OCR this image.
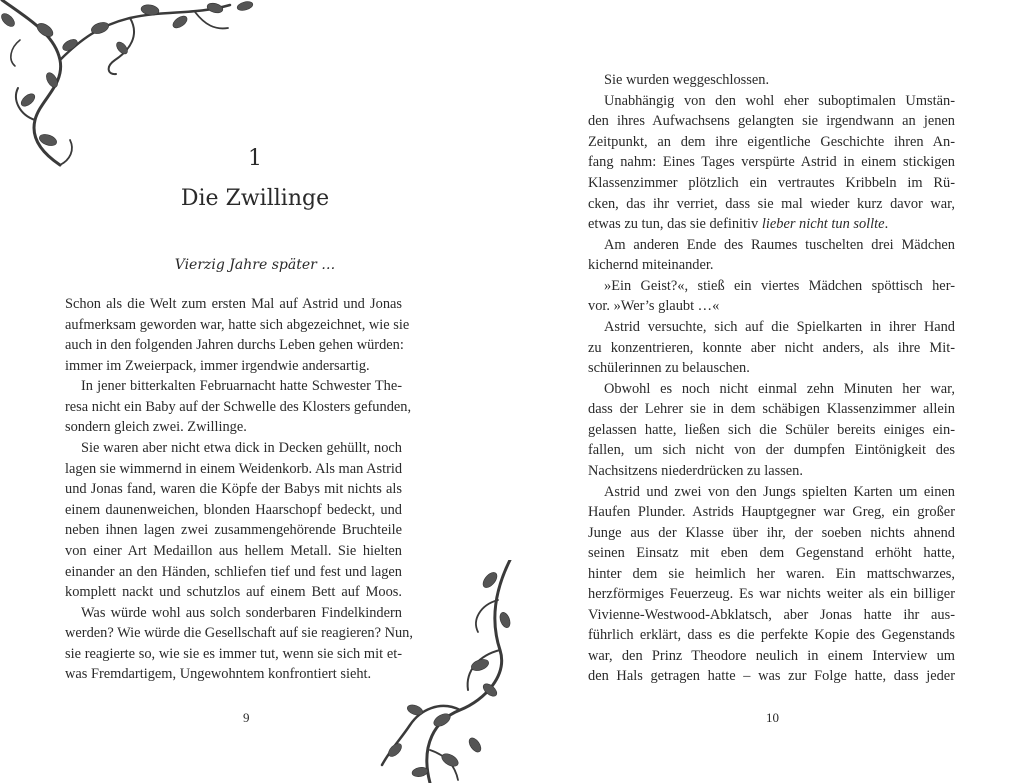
1
Die Zwillinge
Vierzig Jahre später …
Schon als die Welt zum ersten Mal auf Astrid und Jonas
aufmerksam geworden war, hatte sich abgezeichnet, wie sie
auch in den folgenden Jahren durchs Leben gehen würden:
immer im Zweierpack, immer irgendwie andersartig.
In jener bitterkalten Februarnacht hatte Schwester The-
resa nicht ein Baby auf der Schwelle des Klosters gefunden,
sondern gleich zwei. Zwillinge.
Sie waren aber nicht etwa dick in Decken gehüllt, noch
lagen sie wimmernd in einem Weidenkorb. Als man Astrid
und Jonas fand, waren die Köpfe der Babys mit nichts als
einem daunenweichen, blonden Haarschopf bedeckt, und
neben ihnen lagen zwei zusammengehörende Bruchteile
von einer Art Medaillon aus hellem Metall. Sie hielten
einander an den Händen, schliefen tief und fest und lagen
komplett nackt und schutzlos auf einem Bett auf Moos.
Was würde wohl aus solch sonderbaren Findelkindern
werden? Wie würde die Gesellschaft auf sie reagieren? Nun,
sie reagierte so, wie sie es immer tut, wenn sie sich mit et-
was Fremdartigem, Ungewohntem konfrontiert sieht.
9
Sie wurden weggeschlossen.
Unabhängig von den wohl eher suboptimalen Umstän-
den ihres Aufwachsens gelangten sie irgendwann an jenen
Zeitpunkt, an dem ihre eigentliche Geschichte ihren An-
fang nahm: Eines Tages verspürte Astrid in einem stickigen
Klassenzimmer plötzlich ein vertrautes Kribbeln im Rü-
cken, das ihr verriet, dass sie mal wieder kurz davor war,
etwas zu tun, das sie definitiv lieber nicht tun sollte.
Am anderen Ende des Raumes tuschelten drei Mädchen
kichernd miteinander.
»Ein Geist?«, stieß ein viertes Mädchen spöttisch her-
vor. »Wer’s glaubt …«
Astrid versuchte, sich auf die Spielkarten in ihrer Hand
zu konzentrieren, konnte aber nicht anders, als ihre Mit-
schülerinnen zu belauschen.
Obwohl es noch nicht einmal zehn Minuten her war,
dass der Lehrer sie in dem schäbigen Klassenzimmer allein
gelassen hatte, ließen sich die Schüler bereits einiges ein-
fallen, um sich nicht von der dumpfen Eintönigkeit des
Nachsitzens niederdrücken zu lassen.
Astrid und zwei von den Jungs spielten Karten um einen
Haufen Plunder. Astrids Hauptgegner war Greg, ein großer
Junge aus der Klasse über ihr, der soeben nichts ahnend
seinen Einsatz mit eben dem Gegenstand erhöht hatte,
hinter dem sie heimlich her waren. Ein mattschwarzes,
herzförmiges Feuerzeug. Es war nichts weiter als ein billiger
Vivienne-Westwood-Abklatsch, aber Jonas hatte ihr aus-
führlich erklärt, dass es die perfekte Kopie des Gegenstands
war, den Prinz Theodore neulich in einem Interview um
den Hals getragen hatte – was zur Folge hatte, dass jeder
10
